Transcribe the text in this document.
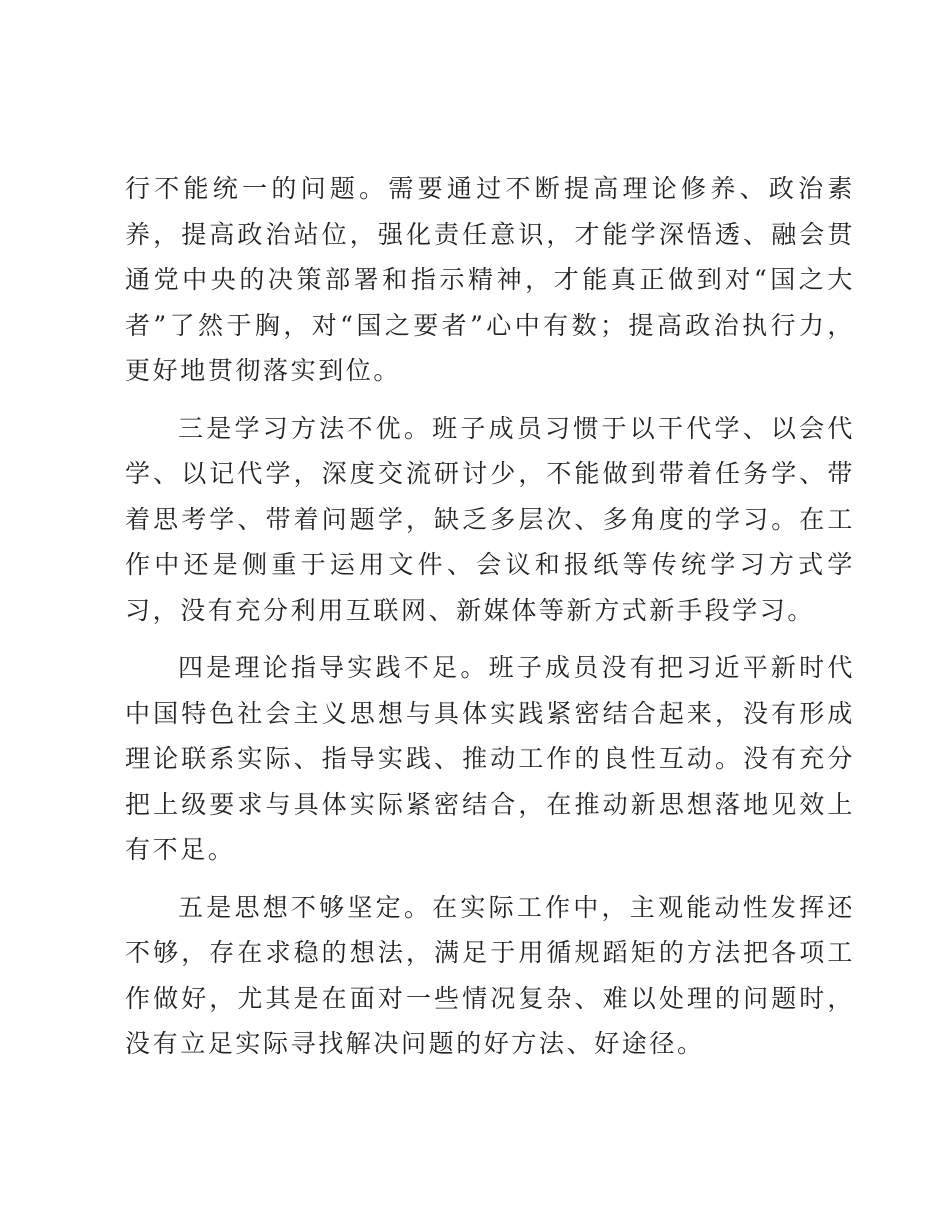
行不能统一的问题。需要通过不断提高理论修养、政治素养，提高政治站位，强化责任意识，才能学深悟透、融会贯通党中央的决策部署和指示精神，才能真正做到对“国之大者”了然于胸，对“国之要者”心中有数；提高政治执行力，更好地贯彻落实到位。

三是学习方法不优。班子成员习惯于以干代学、以会代学、以记代学，深度交流研讨少，不能做到带着任务学、带着思考学、带着问题学，缺乏多层次、多角度的学习。在工作中还是侧重于运用文件、会议和报纸等传统学习方式学习，没有充分利用互联网、新媒体等新方式新手段学习。

四是理论指导实践不足。班子成员没有把习近平新时代中国特色社会主义思想与具体实践紧密结合起来，没有形成理论联系实际、指导实践、推动工作的良性互动。没有充分把上级要求与具体实际紧密结合，在推动新思想落地见效上有不足。

五是思想不够坚定。在实际工作中，主观能动性发挥还不够，存在求稳的想法，满足于用循规蹈矩的方法把各项工作做好，尤其是在面对一些情况复杂、难以处理的问题时，没有立足实际寻找解决问题的好方法、好途径。
